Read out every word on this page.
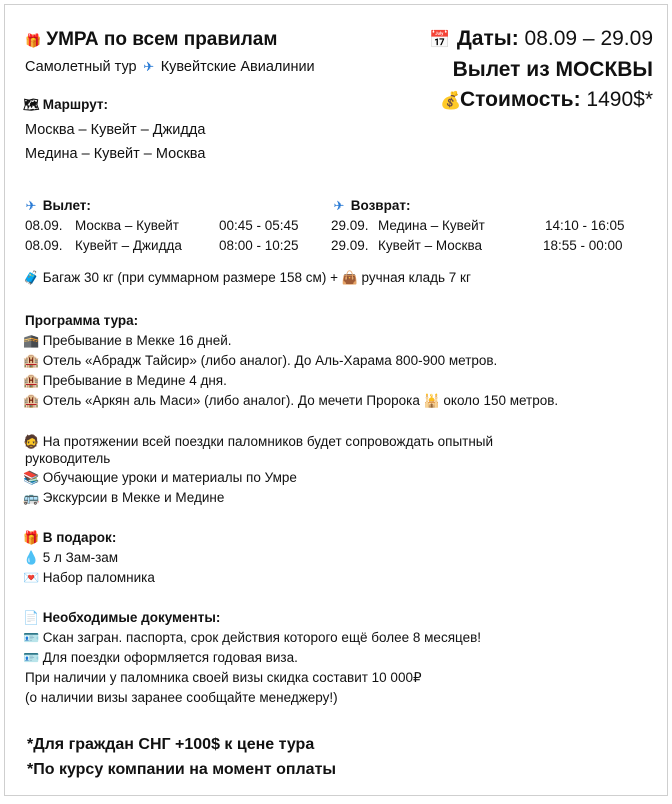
🎁 УМРА по всем правилам
Самолетный тур ✈ Кувейтские Авиалинии
📅 Даты: 08.09 – 29.09
Вылет из МОСКВЫ
💰Стоимость: 1490$*
🗺 Маршрут:
Москва – Кувейт – Джидда
Медина – Кувейт – Москва
✈ Вылет:
08.09. Москва – Кувейт	00:45 - 05:45
08.09. Кувейт – Джидда	08:00 - 10:25
✈ Возврат:
29.09. Медина – Кувейт	14:10 - 16:05
29.09. Кувейт – Москва	18:55 - 00:00
🧳 Багаж 30 кг (при суммарном размере 158 см) + 👜 ручная кладь 7 кг
Программа тура:
🕋 Пребывание в Мекке 16 дней.
🏨 Отель «Абрадж Тайсир» (либо аналог). До Аль-Харама 800-900 метров.
🏨 Пребывание в Медине 4 дня.
🏨 Отель «Аркян аль Маси» (либо аналог). До мечети Пророка 🕌 около 150 метров.
🧔 На протяжении всей поездки паломников будет сопровождать опытный
руководитель
📚 Обучающие уроки и материалы по Умре
🚌 Экскурсии в Мекке и Медине
🎁 В подарок:
💧 5 л Зам-зам
💌 Набор паломника
📄 Необходимые документы:
🪪 Скан загран. паспорта, срок действия которого ещё более 8 месяцев!
🪪 Для поездки оформляется годовая виза.
При наличии у паломника своей визы скидка составит 10 000₽
(о наличии визы заранее сообщайте менеджеру!)
*Для граждан СНГ +100$ к цене тура
*По курсу компании на момент оплаты
